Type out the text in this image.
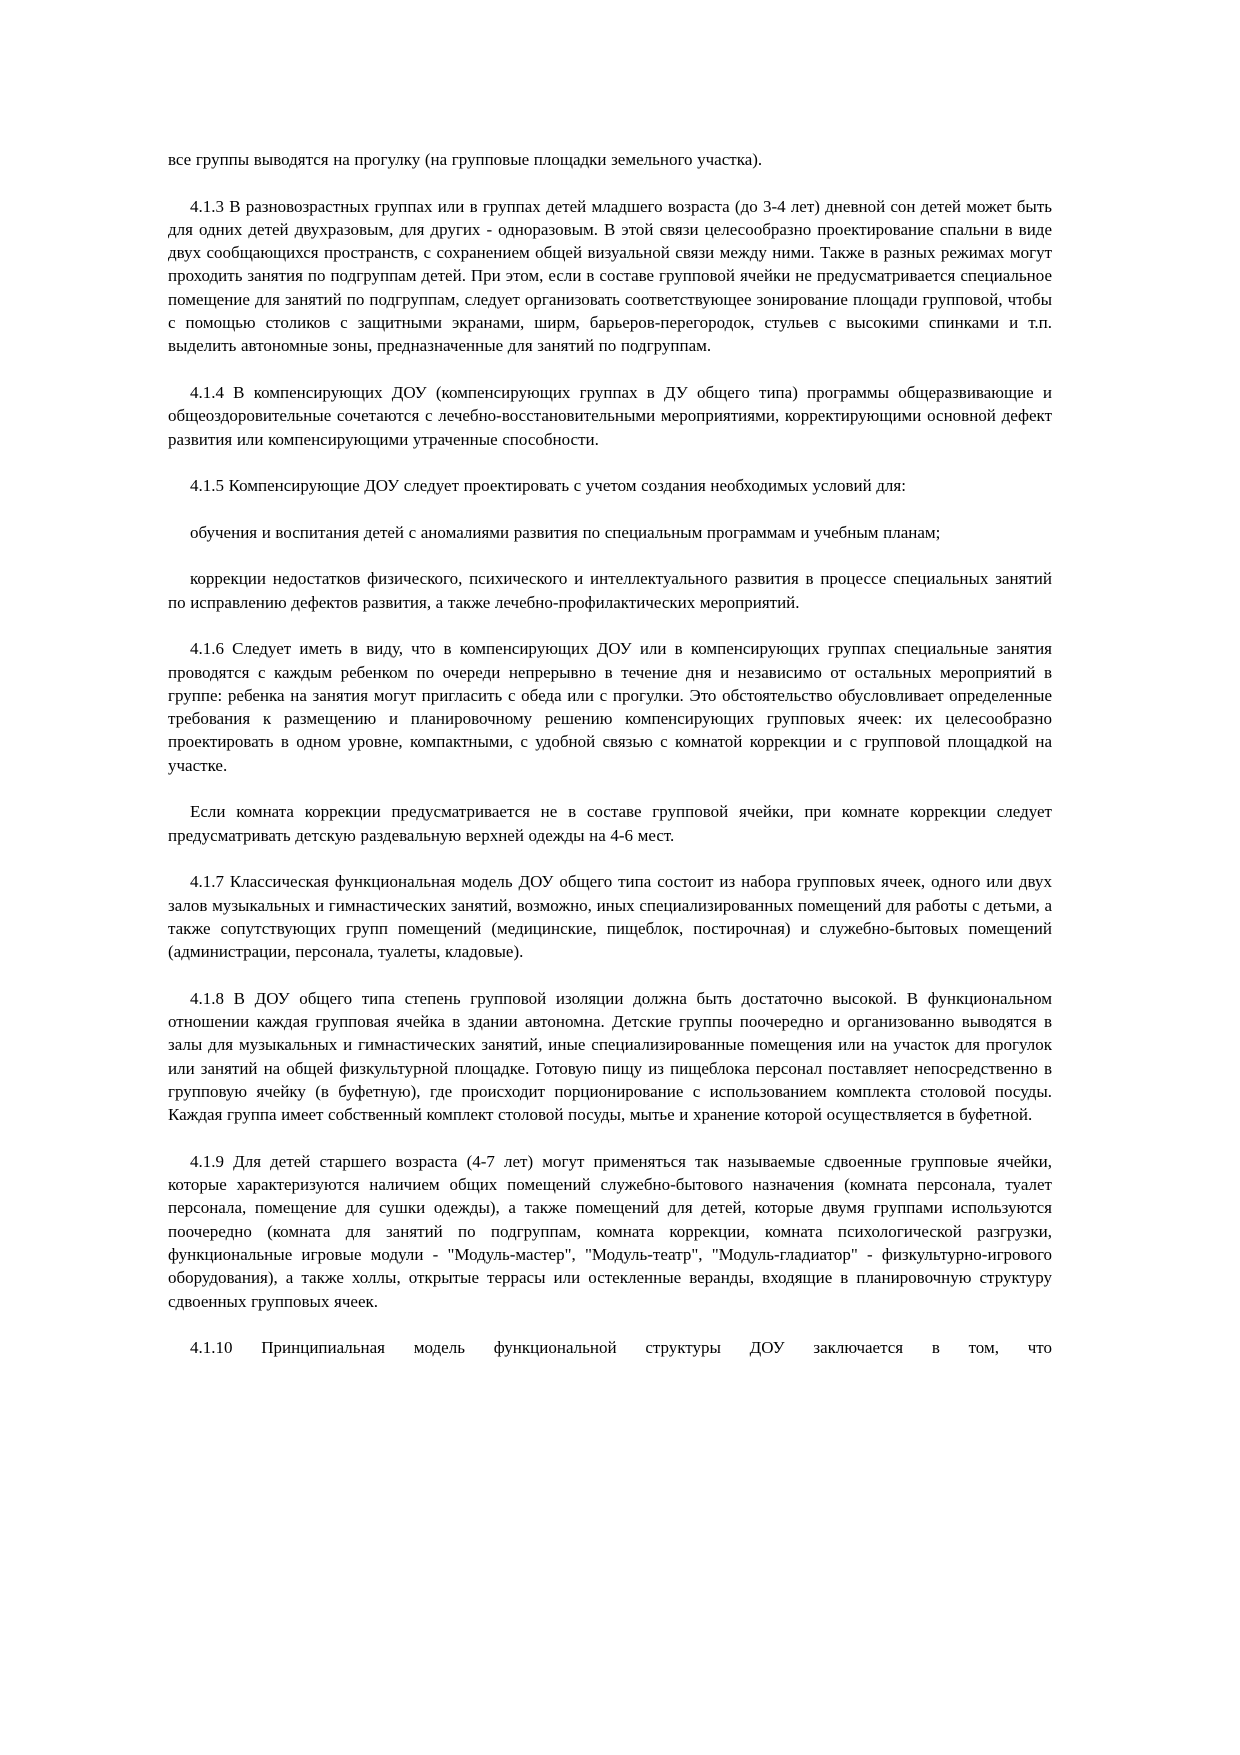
все группы выводятся на прогулку (на групповые площадки земельного участка).

4.1.3 В разновозрастных группах или в группах детей младшего возраста (до 3-4 лет) дневной сон детей может быть для одних детей двухразовым, для других - одноразовым. В этой связи целесообразно проектирование спальни в виде двух сообщающихся пространств, с сохранением общей визуальной связи между ними. Также в разных режимах могут проходить занятия по подгруппам детей. При этом, если в составе групповой ячейки не предусматривается специальное помещение для занятий по подгруппам, следует организовать соответствующее зонирование площади групповой, чтобы с помощью столиков с защитными экранами, ширм, барьеров-перегородок, стульев с высокими спинками и т.п. выделить автономные зоны, предназначенные для занятий по подгруппам.

4.1.4 В компенсирующих ДОУ (компенсирующих группах в ДУ общего типа) программы общеразвивающие и общеоздоровительные сочетаются с лечебно-восстановительными мероприятиями, корректирующими основной дефект развития или компенсирующими утраченные способности.

4.1.5 Компенсирующие ДОУ следует проектировать с учетом создания необходимых условий для:

обучения и воспитания детей с аномалиями развития по специальным программам и учебным планам;

коррекции недостатков физического, психического и интеллектуального развития в процессе специальных занятий по исправлению дефектов развития, а также лечебно-профилактических мероприятий.

4.1.6 Следует иметь в виду, что в компенсирующих ДОУ или в компенсирующих группах специальные занятия проводятся с каждым ребенком по очереди непрерывно в течение дня и независимо от остальных мероприятий в группе: ребенка на занятия могут пригласить с обеда или с прогулки. Это обстоятельство обусловливает определенные требования к размещению и планировочному решению компенсирующих групповых ячеек: их целесообразно проектировать в одном уровне, компактными, с удобной связью с комнатой коррекции и с групповой площадкой на участке.

Если комната коррекции предусматривается не в составе групповой ячейки, при комнате коррекции следует предусматривать детскую раздевальную верхней одежды на 4-6 мест.

4.1.7 Классическая функциональная модель ДОУ общего типа состоит из набора групповых ячеек, одного или двух залов музыкальных и гимнастических занятий, возможно, иных специализированных помещений для работы с детьми, а также сопутствующих групп помещений (медицинские, пищеблок, постирочная) и служебно-бытовых помещений (администрации, персонала, туалеты, кладовые).

4.1.8 В ДОУ общего типа степень групповой изоляции должна быть достаточно высокой. В функциональном отношении каждая групповая ячейка в здании автономна. Детские группы поочередно и организованно выводятся в залы для музыкальных и гимнастических занятий, иные специализированные помещения или на участок для прогулок или занятий на общей физкультурной площадке. Готовую пищу из пищеблока персонал поставляет непосредственно в групповую ячейку (в буфетную), где происходит порционирование с использованием комплекта столовой посуды. Каждая группа имеет собственный комплект столовой посуды, мытье и хранение которой осуществляется в буфетной.

4.1.9 Для детей старшего возраста (4-7 лет) могут применяться так называемые сдвоенные групповые ячейки, которые характеризуются наличием общих помещений служебно-бытового назначения (комната персонала, туалет персонала, помещение для сушки одежды), а также помещений для детей, которые двумя группами используются поочередно (комната для занятий по подгруппам, комната коррекции, комната психологической разгрузки, функциональные игровые модули - "Модуль-мастер", "Модуль-театр", "Модуль-гладиатор" - физкультурно-игрового оборудования), а также холлы, открытые террасы или остекленные веранды, входящие в планировочную структуру сдвоенных групповых ячеек.

4.1.10 Принципиальная модель функциональной структуры ДОУ заключается в том, что
